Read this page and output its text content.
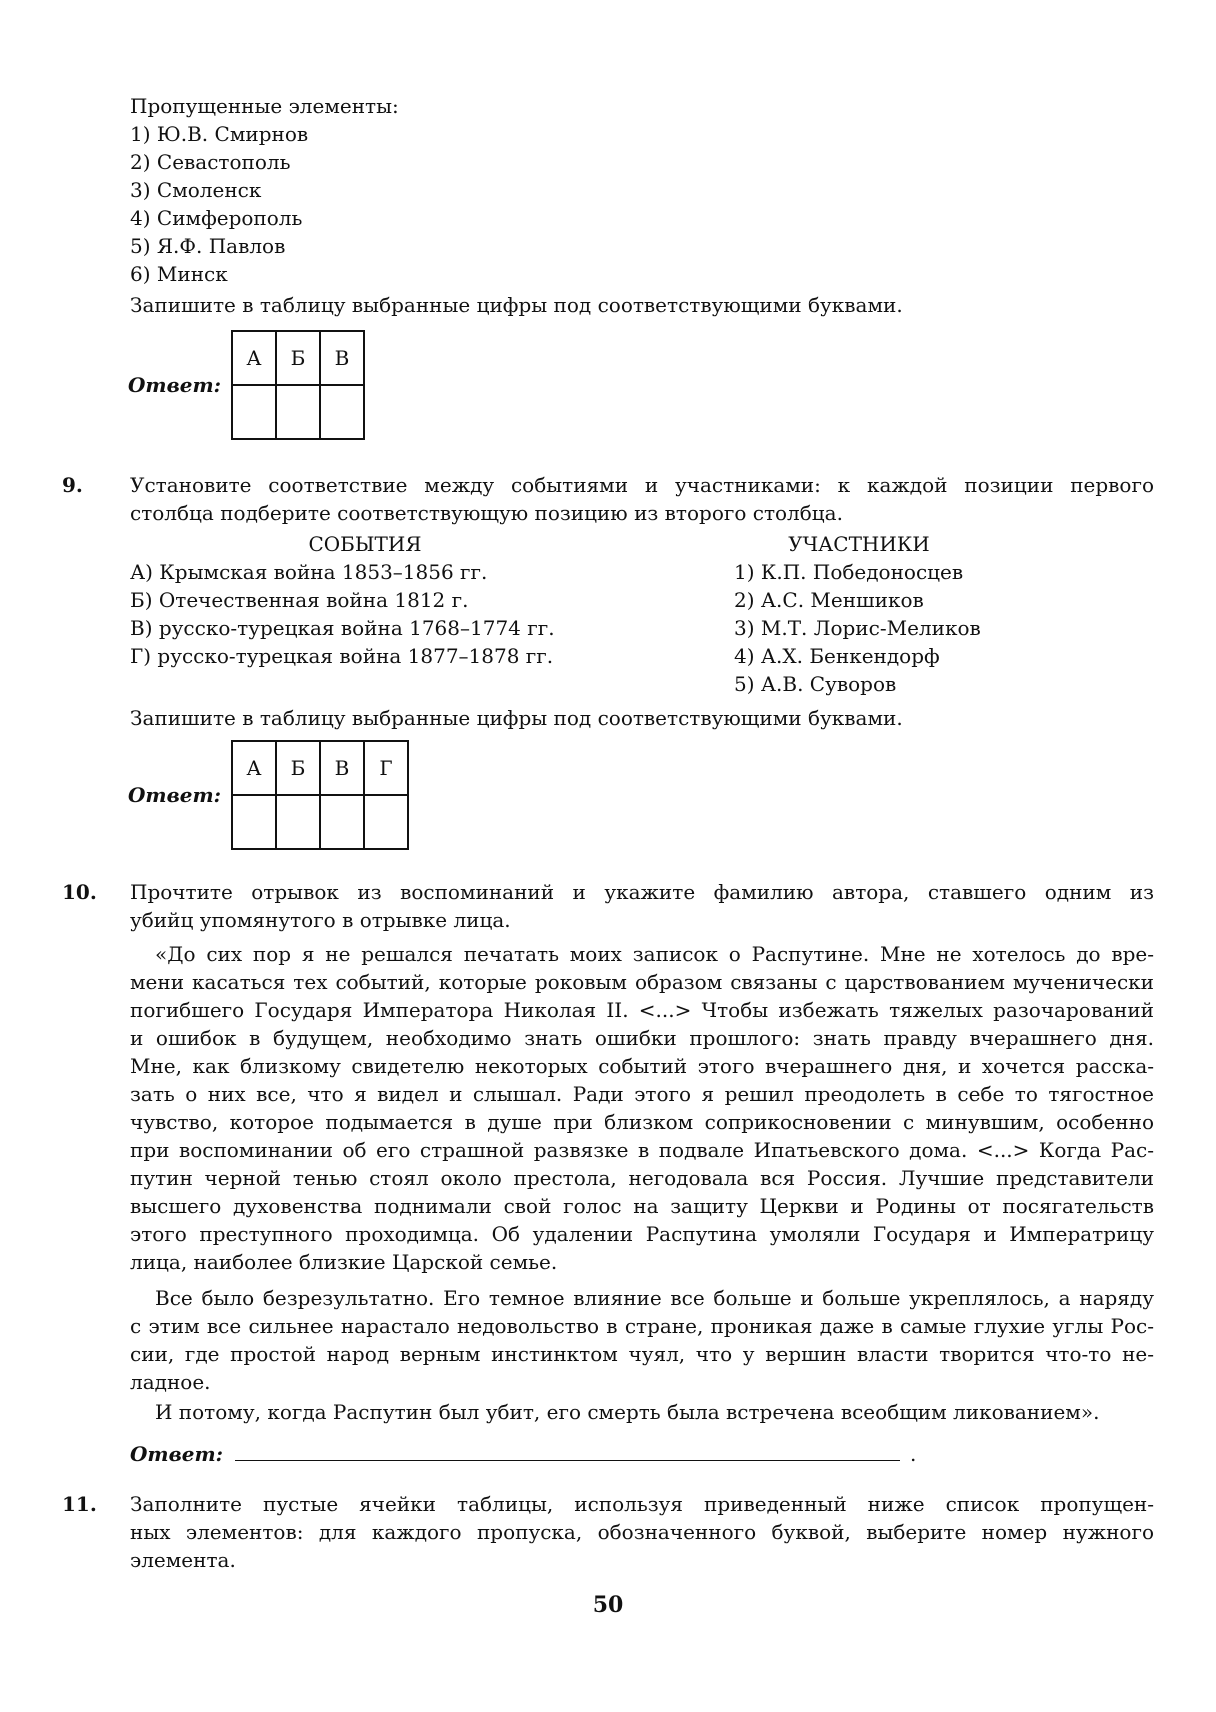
Пропущенные элементы:
1) Ю.В. Смирнов
2) Севастополь
3) Смоленск
4) Симферополь
5) Я.Ф. Павлов
6) Минск
Запишите в таблицу выбранные цифры под соответствующими буквами.
Ответ:
А	Б	В

9. Установите соответствие между событиями и участниками: к каждой позиции первого
столбца подберите соответствующую позицию из второго столбца.
СОБЫТИЯ
А) Крымская война 1853–1856 гг.
Б) Отечественная война 1812 г.
В) русско-турецкая война 1768–1774 гг.
Г) русско-турецкая война 1877–1878 гг.
УЧАСТНИКИ
1) К.П. Победоносцев
2) А.С. Меншиков
3) М.Т. Лорис-Меликов
4) А.Х. Бенкендорф
5) А.В. Суворов
Запишите в таблицу выбранные цифры под соответствующими буквами.
Ответ:
А	Б	В	Г

10. Прочтите отрывок из воспоминаний и укажите фамилию автора, ставшего одним из
убийц упомянутого в отрывке лица.
«До сих пор я не решался печатать моих записок о Распутине. Мне не хотелось до вре-
мени касаться тех событий, которые роковым образом связаны с царствованием мученически
погибшего Государя Императора Николая II. <...> Чтобы избежать тяжелых разочарований
и ошибок в будущем, необходимо знать ошибки прошлого: знать правду вчерашнего дня.
Мне, как близкому свидетелю некоторых событий этого вчерашнего дня, и хочется расска-
зать о них все, что я видел и слышал. Ради этого я решил преодолеть в себе то тягостное
чувство, которое подымается в душе при близком соприкосновении с минувшим, особенно
при воспоминании об его страшной развязке в подвале Ипатьевского дома. <...> Когда Рас-
путин черной тенью стоял около престола, негодовала вся Россия. Лучшие представители
высшего духовенства поднимали свой голос на защиту Церкви и Родины от посягательств
этого преступного проходимца. Об удалении Распутина умоляли Государя и Императрицу
лица, наиболее близкие Царской семье.
Все было безрезультатно. Его темное влияние все больше и больше укреплялось, а наряду
с этим все сильнее нарастало недовольство в стране, проникая даже в самые глухие углы Рос-
сии, где простой народ верным инстинктом чуял, что у вершин власти творится что-то не-
ладное.
И потому, когда Распутин был убит, его смерть была встречена всеобщим ликованием».
Ответ:	.
11. Заполните пустые ячейки таблицы, используя приведенный ниже список пропущен-
ных элементов: для каждого пропуска, обозначенного буквой, выберите номер нужного
элемента.
50
